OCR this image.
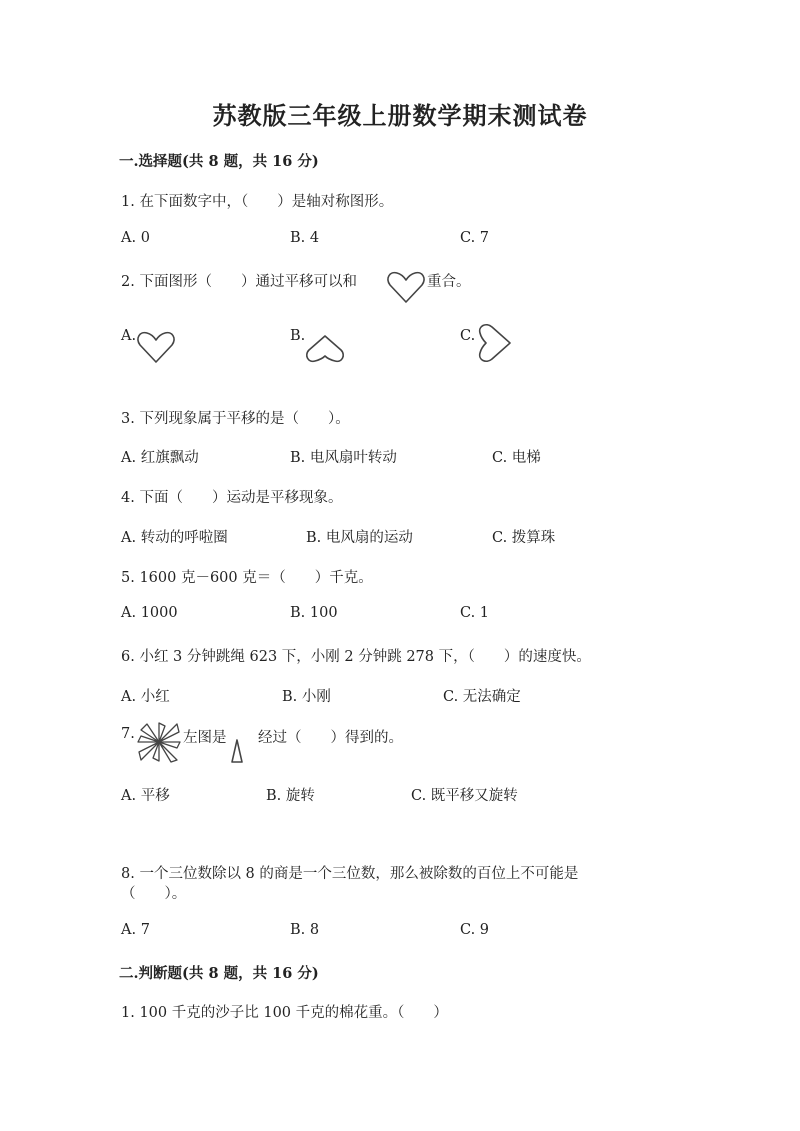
苏教版三年级上册数学期末测试卷
一.选择题(共 8 题，共 16 分)
1. 在下面数字中，（　　）是轴对称图形。
A. 0	B. 4	C. 7
2. 下面图形（　　）通过平移可以和	重合。
A.	B.	C.
3. 下列现象属于平移的是（　　）。
A. 红旗飘动	B. 电风扇叶转动	C. 电梯
4. 下面（　　）运动是平移现象。
A. 转动的呼啦圈	B. 电风扇的运动	C. 拨算珠
5. 1600 克－600 克＝（　　）千克。
A. 1000	B. 100	C. 1
6. 小红 3 分钟跳绳 623 下，小刚 2 分钟跳 278 下，（　　）的速度快。
A. 小红	B. 小刚	C. 无法确定
7.	左图是 经过（　　）得到的。
A. 平移	B. 旋转	C. 既平移又旋转
8. 一个三位数除以 8 的商是一个三位数，那么被除数的百位上不可能是
（　　）。
A. 7	B. 8	C. 9
二.判断题(共 8 题，共 16 分)
1. 100 千克的沙子比 100 千克的棉花重。（　　）
